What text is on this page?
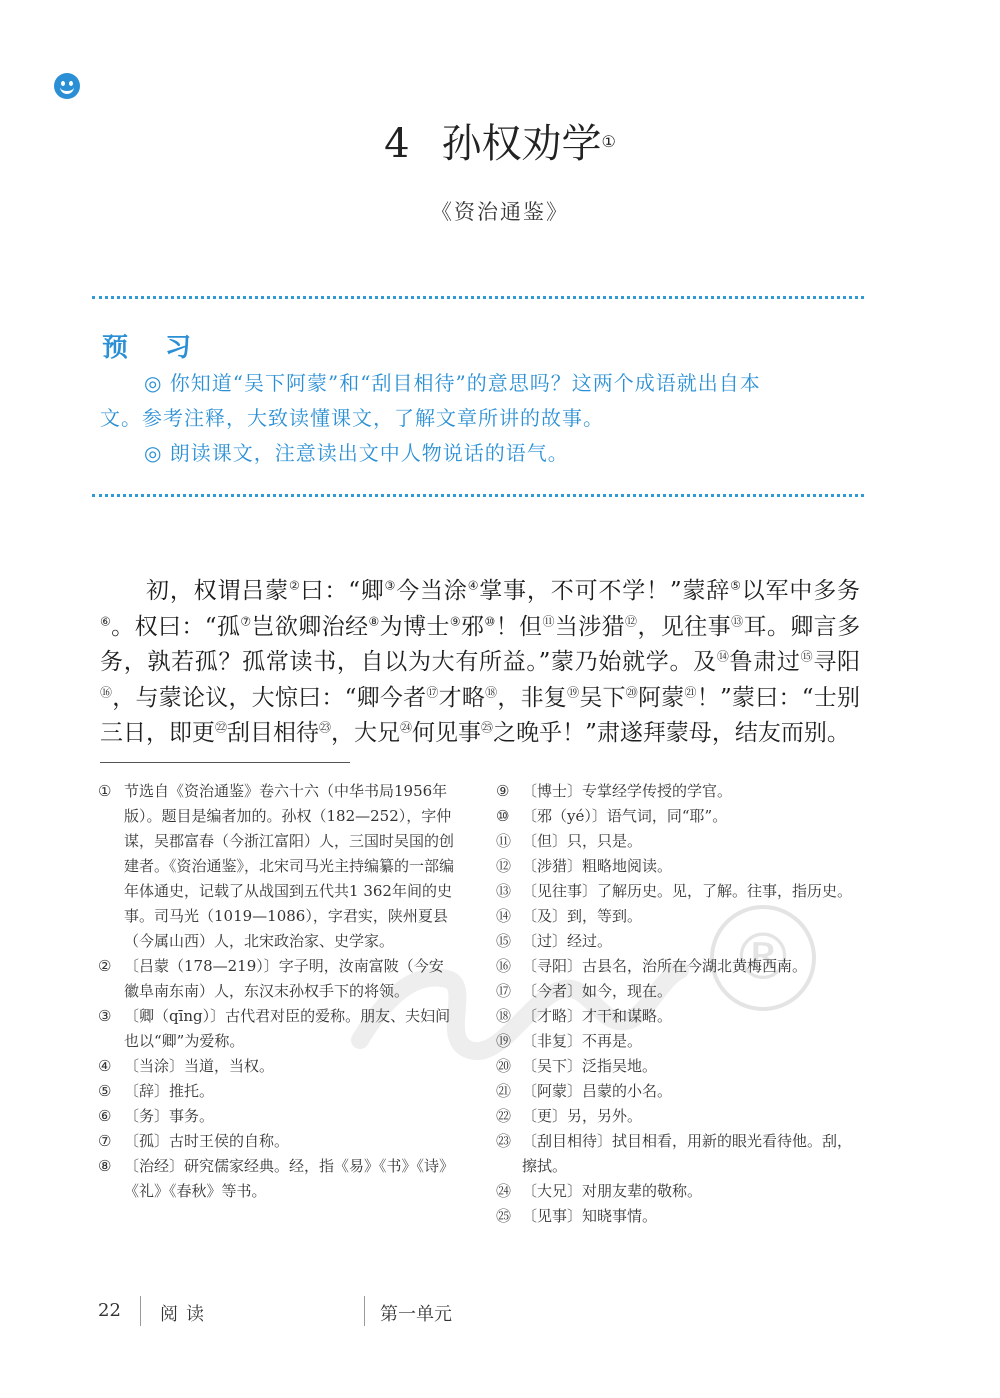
4 孙权劝学①
《资治通鉴》
预 习

◎ 你知道“吴下阿蒙”和“刮目相待”的意思吗？这两个成语就出自本

文。参考注释，大致读懂课文，了解文章所讲的故事。

◎ 朗读课文，注意读出文中人物说话的语气。

初，权谓吕蒙②曰：“卿③今当涂④掌事，不可不学！”蒙辞⑤以军中多务⑥。权曰：“孤⑦岂欲卿治经⑧为博士⑨邪⑩！但⑪当涉猎⑫，见往事⑬耳。卿言多务，孰若孤？孤常读书，自以为大有所益。”蒙乃始就学。及⑭鲁肃过⑮寻阳⑯，与蒙论议，大惊曰：“卿今者⑰才略⑱，非复⑲吴下⑳阿蒙$^㉑$！”蒙曰：“士别三日，即更$^㉒$刮目相待$^㉓$，大兄$^㉔$何见事$^㉕$之晚乎！”肃遂拜蒙母，结友而别。

®
① 节选自《资治通鉴》卷六十六（中华书局1956年版）。题目是编者加的。孙权（182—252），字仲谋，吴郡富春（今浙江富阳）人，三国时吴国的创建者。《资治通鉴》，北宋司马光主持编纂的一部编年体通史，记载了从战国到五代共1 362年间的史事。司马光（1019—1086），字君实，陕州夏县（今属山西）人，北宋政治家、史学家。
② 〔吕蒙（178—219）〕字子明，汝南富陂（今安徽阜南东南）人，东汉末孙权手下的将领。
③ 〔卿（qīng）〕古代君对臣的爱称。朋友、夫妇间也以“卿”为爱称。
④ 〔当涂〕当道，当权。
⑤ 〔辞〕推托。
⑥ 〔务〕事务。
⑦ 〔孤〕古时王侯的自称。
⑧ 〔治经〕研究儒家经典。经，指《易》《书》《诗》《礼》《春秋》等书。
⑨ 〔博士〕专掌经学传授的学官。
⑩ 〔邪（yé）〕语气词，同“耶”。
⑪ 〔但〕只，只是。
⑫ 〔涉猎〕粗略地阅读。
⑬ 〔见往事〕了解历史。见，了解。往事，指历史。
⑭ 〔及〕到，等到。
⑮ 〔过〕经过。
⑯ 〔寻阳〕古县名，治所在今湖北黄梅西南。
⑰ 〔今者〕如今，现在。
⑱ 〔才略〕才干和谋略。
⑲ 〔非复〕不再是。
⑳ 〔吴下〕泛指吴地。
㉑ 〔阿蒙〕吕蒙的小名。
㉒ 〔更〕另，另外。
㉓ 〔刮目相待〕拭目相看，用新的眼光看待他。刮，擦拭。
㉔ 〔大兄〕对朋友辈的敬称。
㉕ 〔见事〕知晓事情。
22 阅读	第一单元
